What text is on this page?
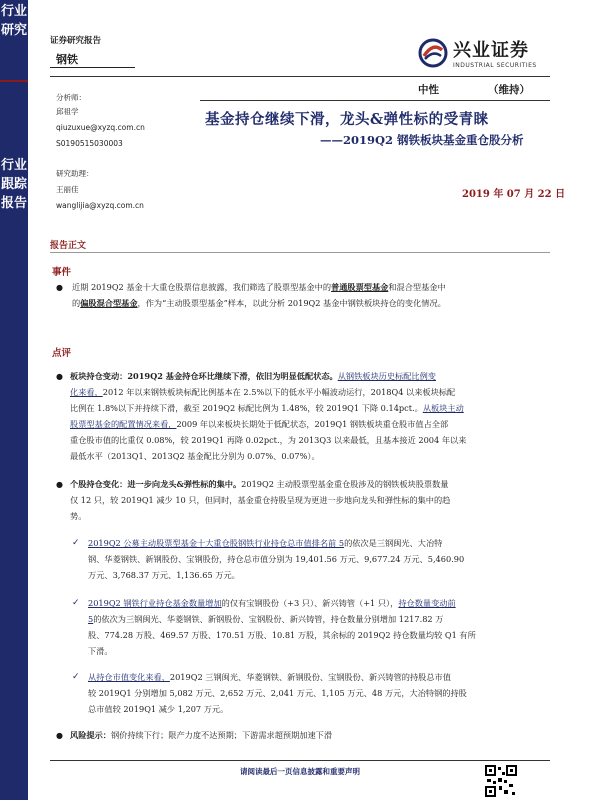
行业研究
行业跟踪报告
证券研究报告
钢铁	兴业证券
INDUSTRIAL SECURITIES
中性	（维持）
分析师：
邱祖学
qiuzuxue@xyzq.com.cn
S0190515030003
研究助理：
王丽佳
wanglijia@xyzq.com.cn
基金持仓继续下滑，龙头&弹性标的受青睐
——2019Q2 钢铁板块基金重仓股分析
2019 年 07 月 22 日
报告正文
事件
● 近期 2019Q2 基金十大重仓股票信息披露，我们筛选了股票型基金中的普通股票型基金和混合型基金中
的偏股混合型基金，作为“主动股票型基金”样本，以此分析 2019Q2 基金中钢铁板块持仓的变化情况。
点评
● 板块持仓变动：2019Q2 基金持仓环比继续下滑，依旧为明显低配状态。从钢铁板块历史标配比例变
化来看，2012 年以来钢铁板块标配比例基本在 2.5%以下的低水平小幅波动运行，2018Q4 以来板块标配
比例在 1.8%以下并持续下滑，截至 2019Q2 标配比例为 1.48%，较 2019Q1 下降 0.14pct.。从板块主动
股票型基金的配置情况来看，2009 年以来板块长期处于低配状态，2019Q1 钢铁板块重仓股市值占全部
重仓股市值的比重仅 0.08%，较 2019Q1 再降 0.02pct.，为 2013Q3 以来最低，且基本接近 2004 年以来
最低水平（2013Q1、2013Q2 基金配比分别为 0.07%、0.07%）。
● 个股持仓变化：进一步向龙头&弹性标的集中。2019Q2 主动股票型基金重仓股涉及的钢铁板块股票数量
仅 12 只，较 2019Q1 减少 10 只，但同时，基金重仓持股呈现为更进一步地向龙头和弹性标的集中的趋
势。
✓ 2019Q2 公募主动股票型基金十大重仓股钢铁行业持仓总市值排名前 5的依次是三钢闽光、大冶特
钢、华菱钢铁、新钢股份、宝钢股份，持仓总市值分别为 19,401.56 万元、9,677.24 万元、5,460.90
万元、3,768.37 万元、1,136.65 万元。
✓ 2019Q2 钢铁行业持仓基金数量增加的仅有宝钢股份（+3 只）、新兴铸管（+1 只），持仓数量变动前
5的依次为三钢闽光、华菱钢铁、新钢股份、宝钢股份、新兴铸管，持仓数量分别增加 1217.82 万
股、774.28 万股、469.57 万股、170.51 万股、10.81 万股，其余标的 2019Q2 持仓数量均较 Q1 有所
下滑。
✓ 从持仓市值变化来看，2019Q2 三钢闽光、华菱钢铁、新钢股份、宝钢股份、新兴铸管的持股总市值
较 2019Q1 分别增加 5,082 万元、2,652 万元、2,041 万元、1,105 万元、48 万元，大冶特钢的持股
总市值较 2019Q1 减少 1,207 万元。
● 风险提示：钢价持续下行；限产力度不达预期；下游需求超预期加速下滑
请阅读最后一页信息披露和重要声明
